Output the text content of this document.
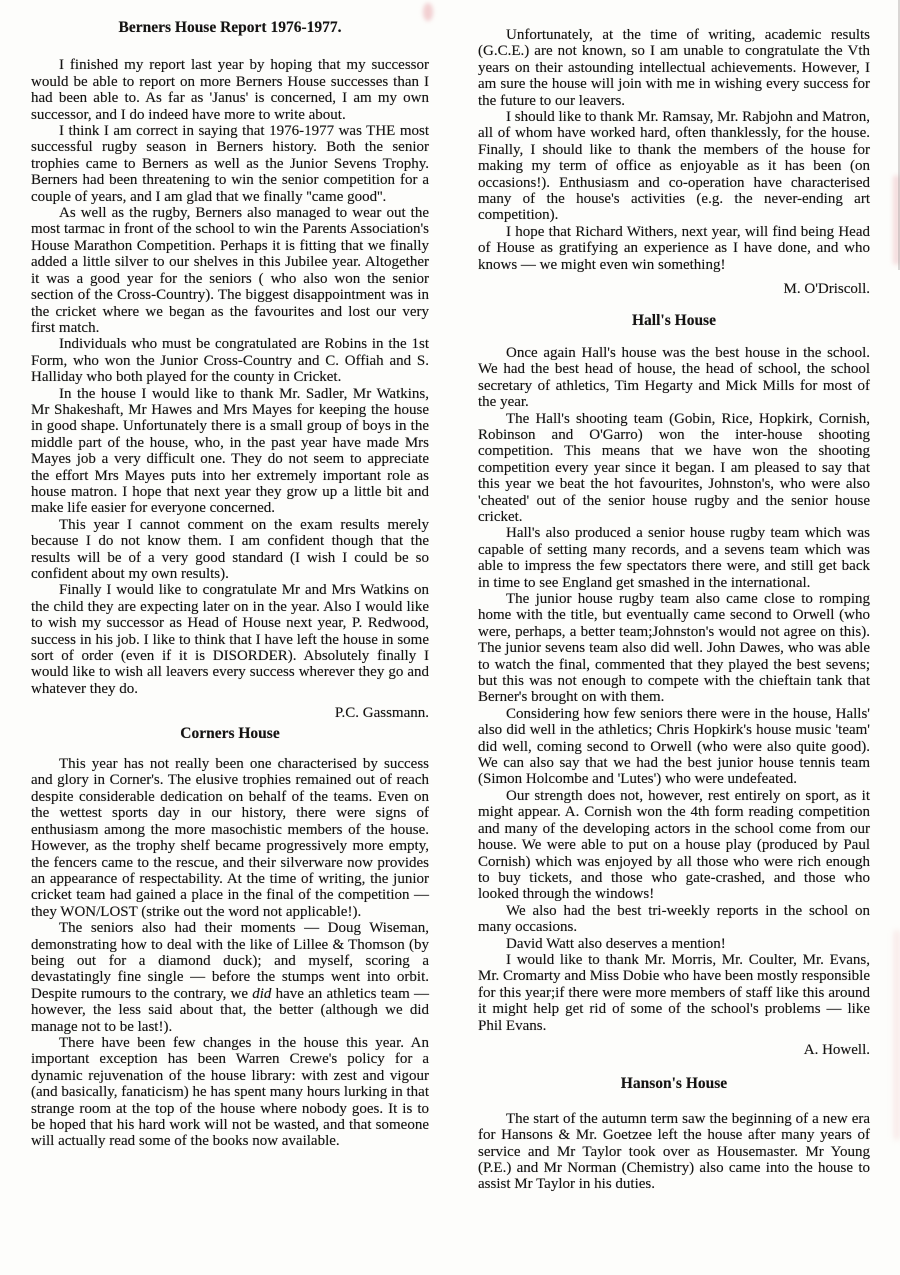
Berners House Report 1976-1977.

I finished my report last year by hoping that my successor would be able to report on more Berners House successes than I had been able to. As far as 'Janus' is concerned, I am my own successor, and I do indeed have more to write about.

I think I am correct in saying that 1976-1977 was THE most successful rugby season in Berners history. Both the senior trophies came to Berners as well as the Junior Sevens Trophy. Berners had been threatening to win the senior competition for a couple of years, and I am glad that we finally ''came good''.

As well as the rugby, Berners also managed to wear out the most tarmac in front of the school to win the Parents Association's House Marathon Competition. Perhaps it is fitting that we finally added a little silver to our shelves in this Jubilee year. Altogether it was a good year for the seniors ( who also won the senior section of the Cross-Country). The biggest disappointment was in the cricket where we began as the favourites and lost our very first match.

Individuals who must be congratulated are Robins in the 1st Form, who won the Junior Cross-Country and C. Offiah and S. Halliday who both played for the county in Cricket.

In the house I would like to thank Mr. Sadler, Mr Watkins, Mr Shakeshaft, Mr Hawes and Mrs Mayes for keeping the house in good shape. Unfortunately there is a small group of boys in the middle part of the house, who, in the past year have made Mrs Mayes job a very difficult one. They do not seem to appreciate the effort Mrs Mayes puts into her extremely important role as house matron. I hope that next year they grow up a little bit and make life easier for everyone concerned.

This year I cannot comment on the exam results merely because I do not know them. I am confident though that the results will be of a very good standard (I wish I could be so confident about my own results).

Finally I would like to congratulate Mr and Mrs Watkins on the child they are expecting later on in the year. Also I would like to wish my successor as Head of House next year, P. Redwood, success in his job. I like to think that I have left the house in some sort of order (even if it is DISORDER). Absolutely finally I would like to wish all leavers every success wherever they go and whatever they do.

P.C. Gassmann.

Corners House

This year has not really been one characterised by success and glory in Corner's. The elusive trophies remained out of reach despite considerable dedication on behalf of the teams. Even on the wettest sports day in our history, there were signs of enthusiasm among the more masochistic members of the house. However, as the trophy shelf became progressively more empty, the fencers came to the rescue, and their silverware now provides an appearance of respectability. At the time of writing, the junior cricket team had gained a place in the final of the competition — they WON/LOST (strike out the word not applicable!).

The seniors also had their moments — Doug Wiseman, demonstrating how to deal with the like of Lillee & Thomson (by being out for a diamond duck); and myself, scoring a devastatingly fine single — before the stumps went into orbit. Despite rumours to the contrary, we did have an athletics team — however, the less said about that, the better (although we did manage not to be last!).

There have been few changes in the house this year. An important exception has been Warren Crewe's policy for a dynamic rejuvenation of the house library: with zest and vigour (and basically, fanaticism) he has spent many hours lurking in that strange room at the top of the house where nobody goes. It is to be hoped that his hard work will not be wasted, and that someone will actually read some of the books now available.

Unfortunately, at the time of writing, academic results (G.C.E.) are not known, so I am unable to congratulate the Vth years on their astounding intellectual achievements. However, I am sure the house will join with me in wishing every success for the future to our leavers.

I should like to thank Mr. Ramsay, Mr. Rabjohn and Matron, all of whom have worked hard, often thanklessly, for the house. Finally, I should like to thank the members of the house for making my term of office as enjoyable as it has been (on occasions!). Enthusiasm and co-operation have characterised many of the house's activities (e.g. the never-ending art competition).

I hope that Richard Withers, next year, will find being Head of House as gratifying an experience as I have done, and who knows — we might even win something!

M. O'Driscoll.

Hall's House

Once again Hall's house was the best house in the school. We had the best head of house, the head of school, the school secretary of athletics, Tim Hegarty and Mick Mills for most of the year.

The Hall's shooting team (Gobin, Rice, Hopkirk, Cornish, Robinson and O'Garro) won the inter-house shooting competition. This means that we have won the shooting competition every year since it began. I am pleased to say that this year we beat the hot favourites, Johnston's, who were also 'cheated' out of the senior house rugby and the senior house cricket.

Hall's also produced a senior house rugby team which was capable of setting many records, and a sevens team which was able to impress the few spectators there were, and still get back in time to see England get smashed in the international.

The junior house rugby team also came close to romping home with the title, but eventually came second to Orwell (who were, perhaps, a better team;Johnston's would not agree on this). The junior sevens team also did well. John Dawes, who was able to watch the final, commented that they played the best sevens; but this was not enough to compete with the chieftain tank that Berner's brought on with them.

Considering how few seniors there were in the house, Halls' also did well in the athletics; Chris Hopkirk's house music 'team' did well, coming second to Orwell (who were also quite good). We can also say that we had the best junior house tennis team (Simon Holcombe and 'Lutes') who were undefeated.

Our strength does not, however, rest entirely on sport, as it might appear. A. Cornish won the 4th form reading competition and many of the developing actors in the school come from our house. We were able to put on a house play (produced by Paul Cornish) which was enjoyed by all those who were rich enough to buy tickets, and those who gate-crashed, and those who looked through the windows!

We also had the best tri-weekly reports in the school on many occasions.

David Watt also deserves a mention!

I would like to thank Mr. Morris, Mr. Coulter, Mr. Evans, Mr. Cromarty and Miss Dobie who have been mostly responsible for this year;if there were more members of staff like this around it might help get rid of some of the school's problems — like Phil Evans.

A. Howell.

Hanson's House

The start of the autumn term saw the beginning of a new era for Hansons & Mr. Goetzee left the house after many years of service and Mr Taylor took over as Housemaster. Mr Young (P.E.) and Mr Norman (Chemistry) also came into the house to assist Mr Taylor in his duties.
